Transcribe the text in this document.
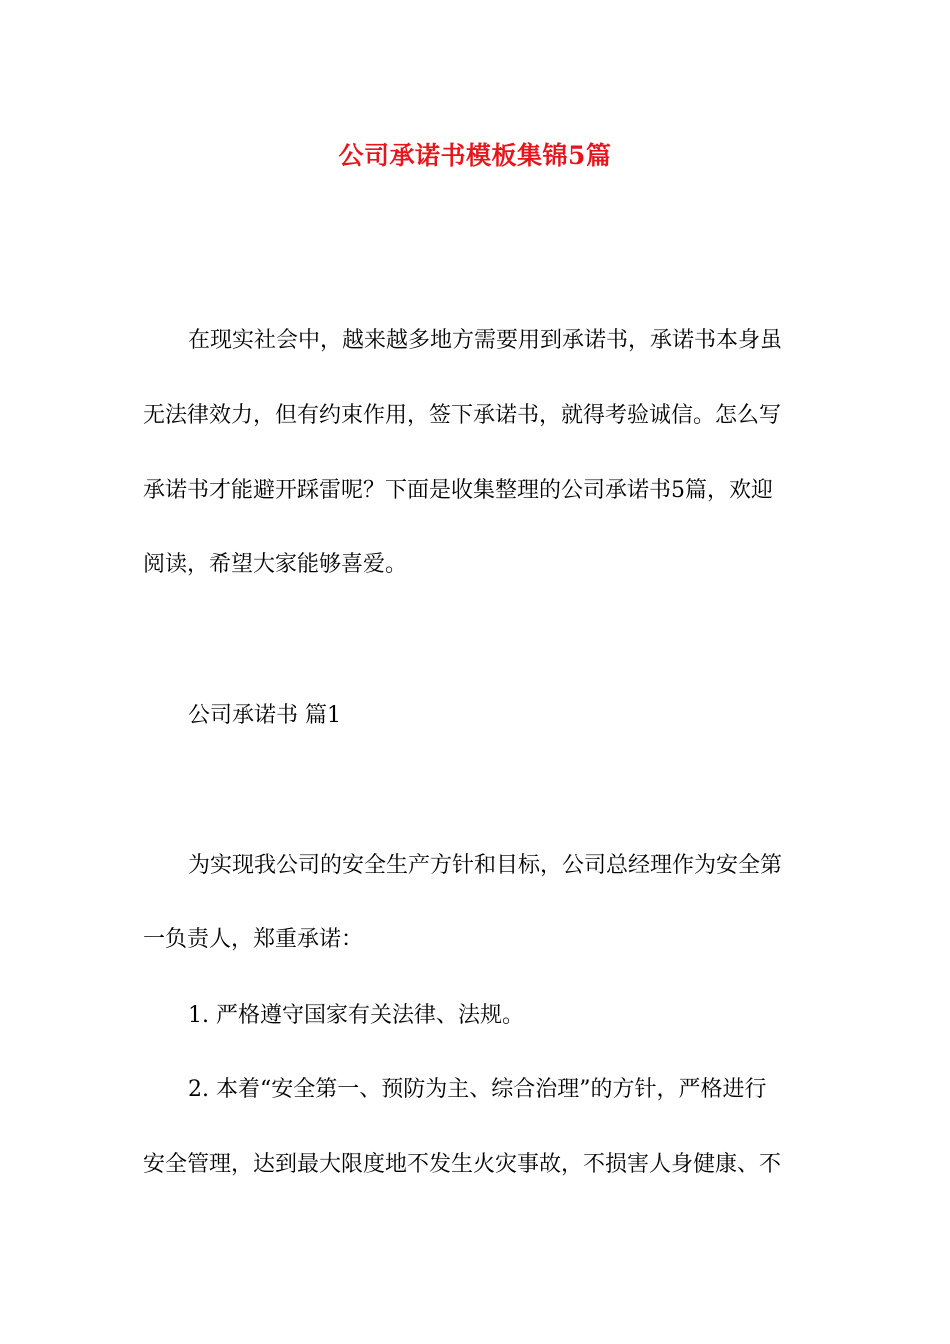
公司承诺书模板集锦5篇
在现实社会中，越来越多地方需要用到承诺书，承诺书本身虽
无法律效力，但有约束作用，签下承诺书，就得考验诚信。怎么写
承诺书才能避开踩雷呢？下面是收集整理的公司承诺书5篇，欢迎
阅读，希望大家能够喜爱。
公司承诺书 篇1
为实现我公司的安全生产方针和目标，公司总经理作为安全第
一负责人，郑重承诺：
1. 严格遵守国家有关法律、法规。
2. 本着“安全第一、预防为主、综合治理”的方针，严格进行
安全管理，达到最大限度地不发生火灾事故，不损害人身健康、不
